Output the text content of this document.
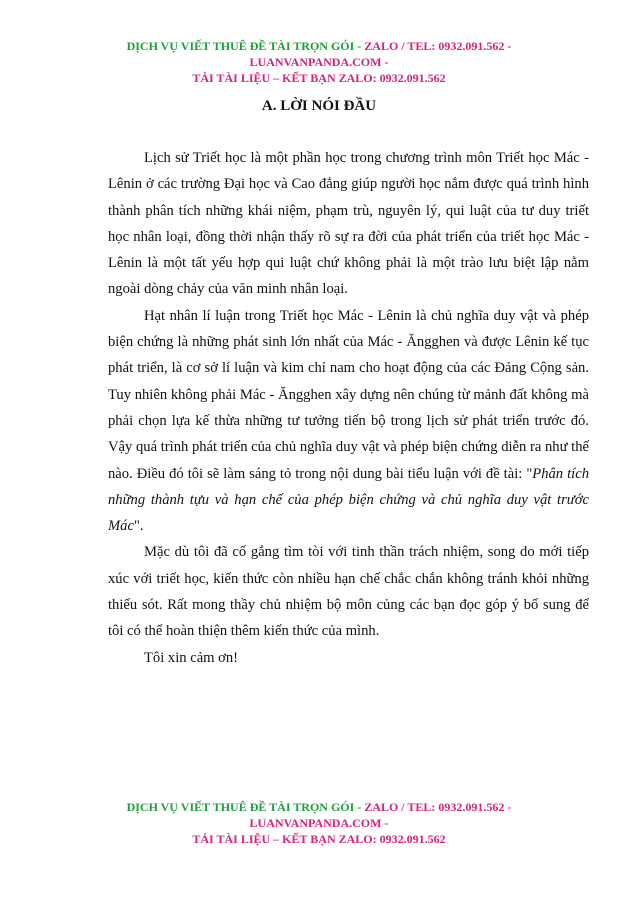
DỊCH VỤ VIẾT THUÊ ĐỀ TÀI TRỌN GÓI - ZALO / TEL: 0932.091.562 -
LUANVANPANDA.COM -
TẢI TÀI LIỆU – KẾT BẠN ZALO: 0932.091.562
A. LỜI NÓI ĐẦU

Lịch sử Triết học là một phần học trong chương trình môn Triết học Mác - Lênin ở các trường Đại học và Cao đẳng giúp người học nắm được quá trình hình thành phân tích những khái niệm, phạm trù, nguyên lý, qui luật của tư duy triết học nhân loại, đồng thời nhận thấy rõ sự ra đời của phát triển của triết học Mác - Lênin là một tất yếu hợp qui luật chứ không phải là một trào lưu biệt lập nằm ngoài dòng chảy của văn minh nhân loại.

Hạt nhân lí luận trong Triết học Mác - Lênin là chủ nghĩa duy vật và phép biện chứng là những phát sinh lớn nhất của Mác - Ăngghen và được Lênin kế tục phát triển, là cơ sở lí luận và kim chỉ nam cho hoạt động của các Đảng Cộng sản. Tuy nhiên không phải Mác - Ăngghen xây dựng nên chúng từ mảnh đất không mà phải chọn lựa kế thừa những tư tưởng tiến bộ trong lịch sử phát triển trước đó. Vậy quá trình phát triển của chủ nghĩa duy vật và phép biện chứng diễn ra như thế nào. Điều đó tôi sẽ làm sáng tỏ trong nội dung bài tiểu luận với đề tài: "Phân tích những thành tựu và hạn chế của phép biện chứng và chủ nghĩa duy vật trước Mác".

Mặc dù tôi đã cố gắng tìm tòi với tinh thần trách nhiệm, song do mới tiếp xúc với triết học, kiến thức còn nhiều hạn chế chắc chắn không tránh khỏi những thiếu sót. Rất mong thầy chủ nhiệm bộ môn củng các bạn đọc góp ý bổ sung để tôi có thể hoàn thiện thêm kiến thức của mình.

Tôi xin cảm ơn!

DỊCH VỤ VIẾT THUÊ ĐỀ TÀI TRỌN GÓI - ZALO / TEL: 0932.091.562 -
LUANVANPANDA.COM -
TẢI TÀI LIỆU – KẾT BẠN ZALO: 0932.091.562
